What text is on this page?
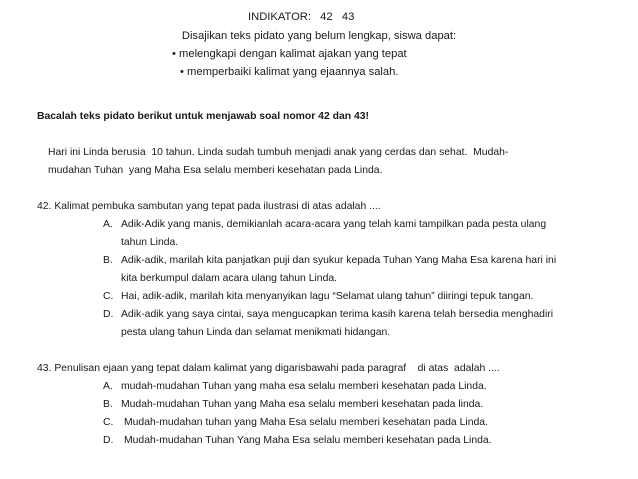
INDIKATOR: 42   43
Disajikan teks pidato yang belum lengkap, siswa dapat:
• melengkapi dengan kalimat ajakan yang tepat
• memperbaiki kalimat yang ejaannya salah.
Bacalah teks pidato berikut untuk menjawab soal nomor 42 dan 43!
Hari ini Linda berusia  10 tahun. Linda sudah tumbuh menjadi anak yang cerdas dan sehat.  Mudah-
mudahan Tuhan  yang Maha Esa selalu memberi kesehatan pada Linda.
42. Kalimat pembuka sambutan yang tepat pada ilustrasi di atas adalah ....
A. Adik-Adik yang manis, demikianlah acara-acara yang telah kami tampilkan pada pesta ulang
tahun Linda.
B. Adik-adik, marilah kita panjatkan puji dan syukur kepada Tuhan Yang Maha Esa karena hari ini
kita berkumpul dalam acara ulang tahun Linda.
C. Hai, adik-adik, marilah kita menyanyikan lagu “Selamat ulang tahun” diiringi tepuk tangan.
D. Adik-adik yang saya cintai, saya mengucapkan terima kasih karena telah bersedia menghadiri
pesta ulang tahun Linda dan selamat menikmati hidangan.
43. Penulisan ejaan yang tepat dalam kalimat yang digarisbawahi pada paragraf    di atas  adalah ....
A. mudah-mudahan Tuhan yang maha esa selalu memberi kesehatan pada Linda.
B. Mudah-mudahan Tuhan yang Maha esa selalu memberi kesehatan pada linda.
C. Mudah-mudahan tuhan yang Maha Esa selalu memberi kesehatan pada Linda.
D. Mudah-mudahan Tuhan Yang Maha Esa selalu memberi kesehatan pada Linda.
